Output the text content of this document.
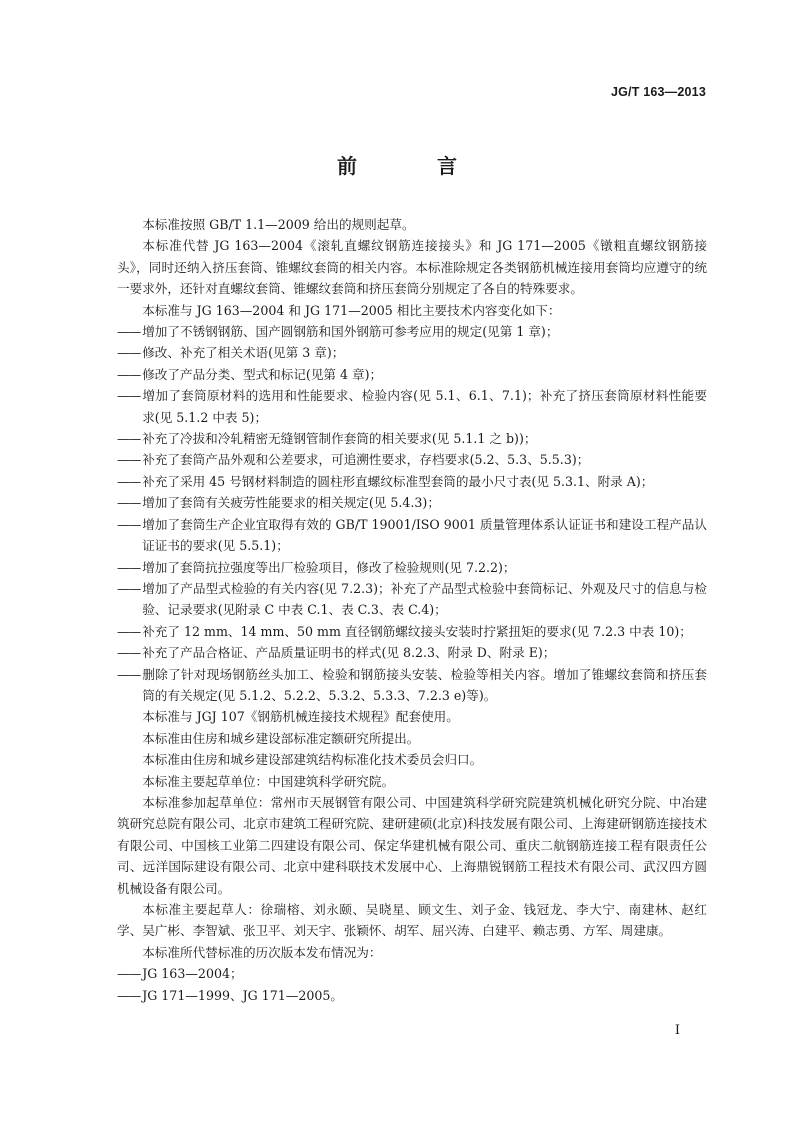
JG/T 163—2013
前　言

本标准按照 GB/T 1.1—2009 给出的规则起草。

本标准代替 JG 163—2004《滚轧直螺纹钢筋连接接头》和 JG 171—2005《镦粗直螺纹钢筋接头》，同时还纳入挤压套筒、锥螺纹套筒的相关内容。本标准除规定各类钢筋机械连接用套筒均应遵守的统一要求外，还针对直螺纹套筒、锥螺纹套筒和挤压套筒分别规定了各自的特殊要求。

本标准与 JG 163—2004 和 JG 171—2005 相比主要技术内容变化如下：

—— 增加了不锈钢钢筋、国产圆钢筋和国外钢筋可参考应用的规定(见第 1 章)；

—— 修改、补充了相关术语(见第 3 章)；

—— 修改了产品分类、型式和标记(见第 4 章)；

—— 增加了套筒原材料的选用和性能要求、检验内容(见 5.1、6.1、7.1)；补充了挤压套筒原材料性能要求(见 5.1.2 中表 5)；

—— 补充了冷拔和冷轧精密无缝钢管制作套筒的相关要求(见 5.1.1 之 b))；

—— 补充了套筒产品外观和公差要求，可追溯性要求，存档要求(5.2、5.3、5.5.3)；

—— 补充了采用 45 号钢材料制造的圆柱形直螺纹标准型套筒的最小尺寸表(见 5.3.1、附录 A)；

—— 增加了套筒有关疲劳性能要求的相关规定(见 5.4.3)；

—— 增加了套筒生产企业宜取得有效的 GB/T 19001/ISO 9001 质量管理体系认证证书和建设工程产品认证证书的要求(见 5.5.1)；

—— 增加了套筒抗拉强度等出厂检验项目，修改了检验规则(见 7.2.2)；

—— 增加了产品型式检验的有关内容(见 7.2.3)；补充了产品型式检验中套筒标记、外观及尺寸的信息与检验、记录要求(见附录 C 中表 C.1、表 C.3、表 C.4)；

—— 补充了 12 mm、14 mm、50 mm 直径钢筋螺纹接头安装时拧紧扭矩的要求(见 7.2.3 中表 10)；

—— 补充了产品合格证、产品质量证明书的样式(见 8.2.3、附录 D、附录 E)；

—— 删除了针对现场钢筋丝头加工、检验和钢筋接头安装、检验等相关内容。增加了锥螺纹套筒和挤压套筒的有关规定(见 5.1.2、5.2.2、5.3.2、5.3.3、7.2.3 e)等)。

本标准与 JGJ 107《钢筋机械连接技术规程》配套使用。

本标准由住房和城乡建设部标准定额研究所提出。

本标准由住房和城乡建设部建筑结构标准化技术委员会归口。

本标准主要起草单位：中国建筑科学研究院。

本标准参加起草单位：常州市天展钢管有限公司、中国建筑科学研究院建筑机械化研究分院、中冶建筑研究总院有限公司、北京市建筑工程研究院、建研建硕(北京)科技发展有限公司、上海建研钢筋连接技术有限公司、中国核工业第二四建设有限公司、保定华建机械有限公司、重庆二航钢筋连接工程有限责任公司、远洋国际建设有限公司、北京中建科联技术发展中心、上海鼎锐钢筋工程技术有限公司、武汉四方圆机械设备有限公司。

本标准主要起草人：徐瑞榕、刘永颐、吴晓星、顾文生、刘子金、钱冠龙、李大宁、南建林、赵红学、吴广彬、李智斌、张卫平、刘天宇、张颖怀、胡军、屈兴涛、白建平、赖志勇、方军、周建康。

本标准所代替标准的历次版本发布情况为：

—— JG 163—2004；

—— JG 171—1999、JG 171—2005。

I
